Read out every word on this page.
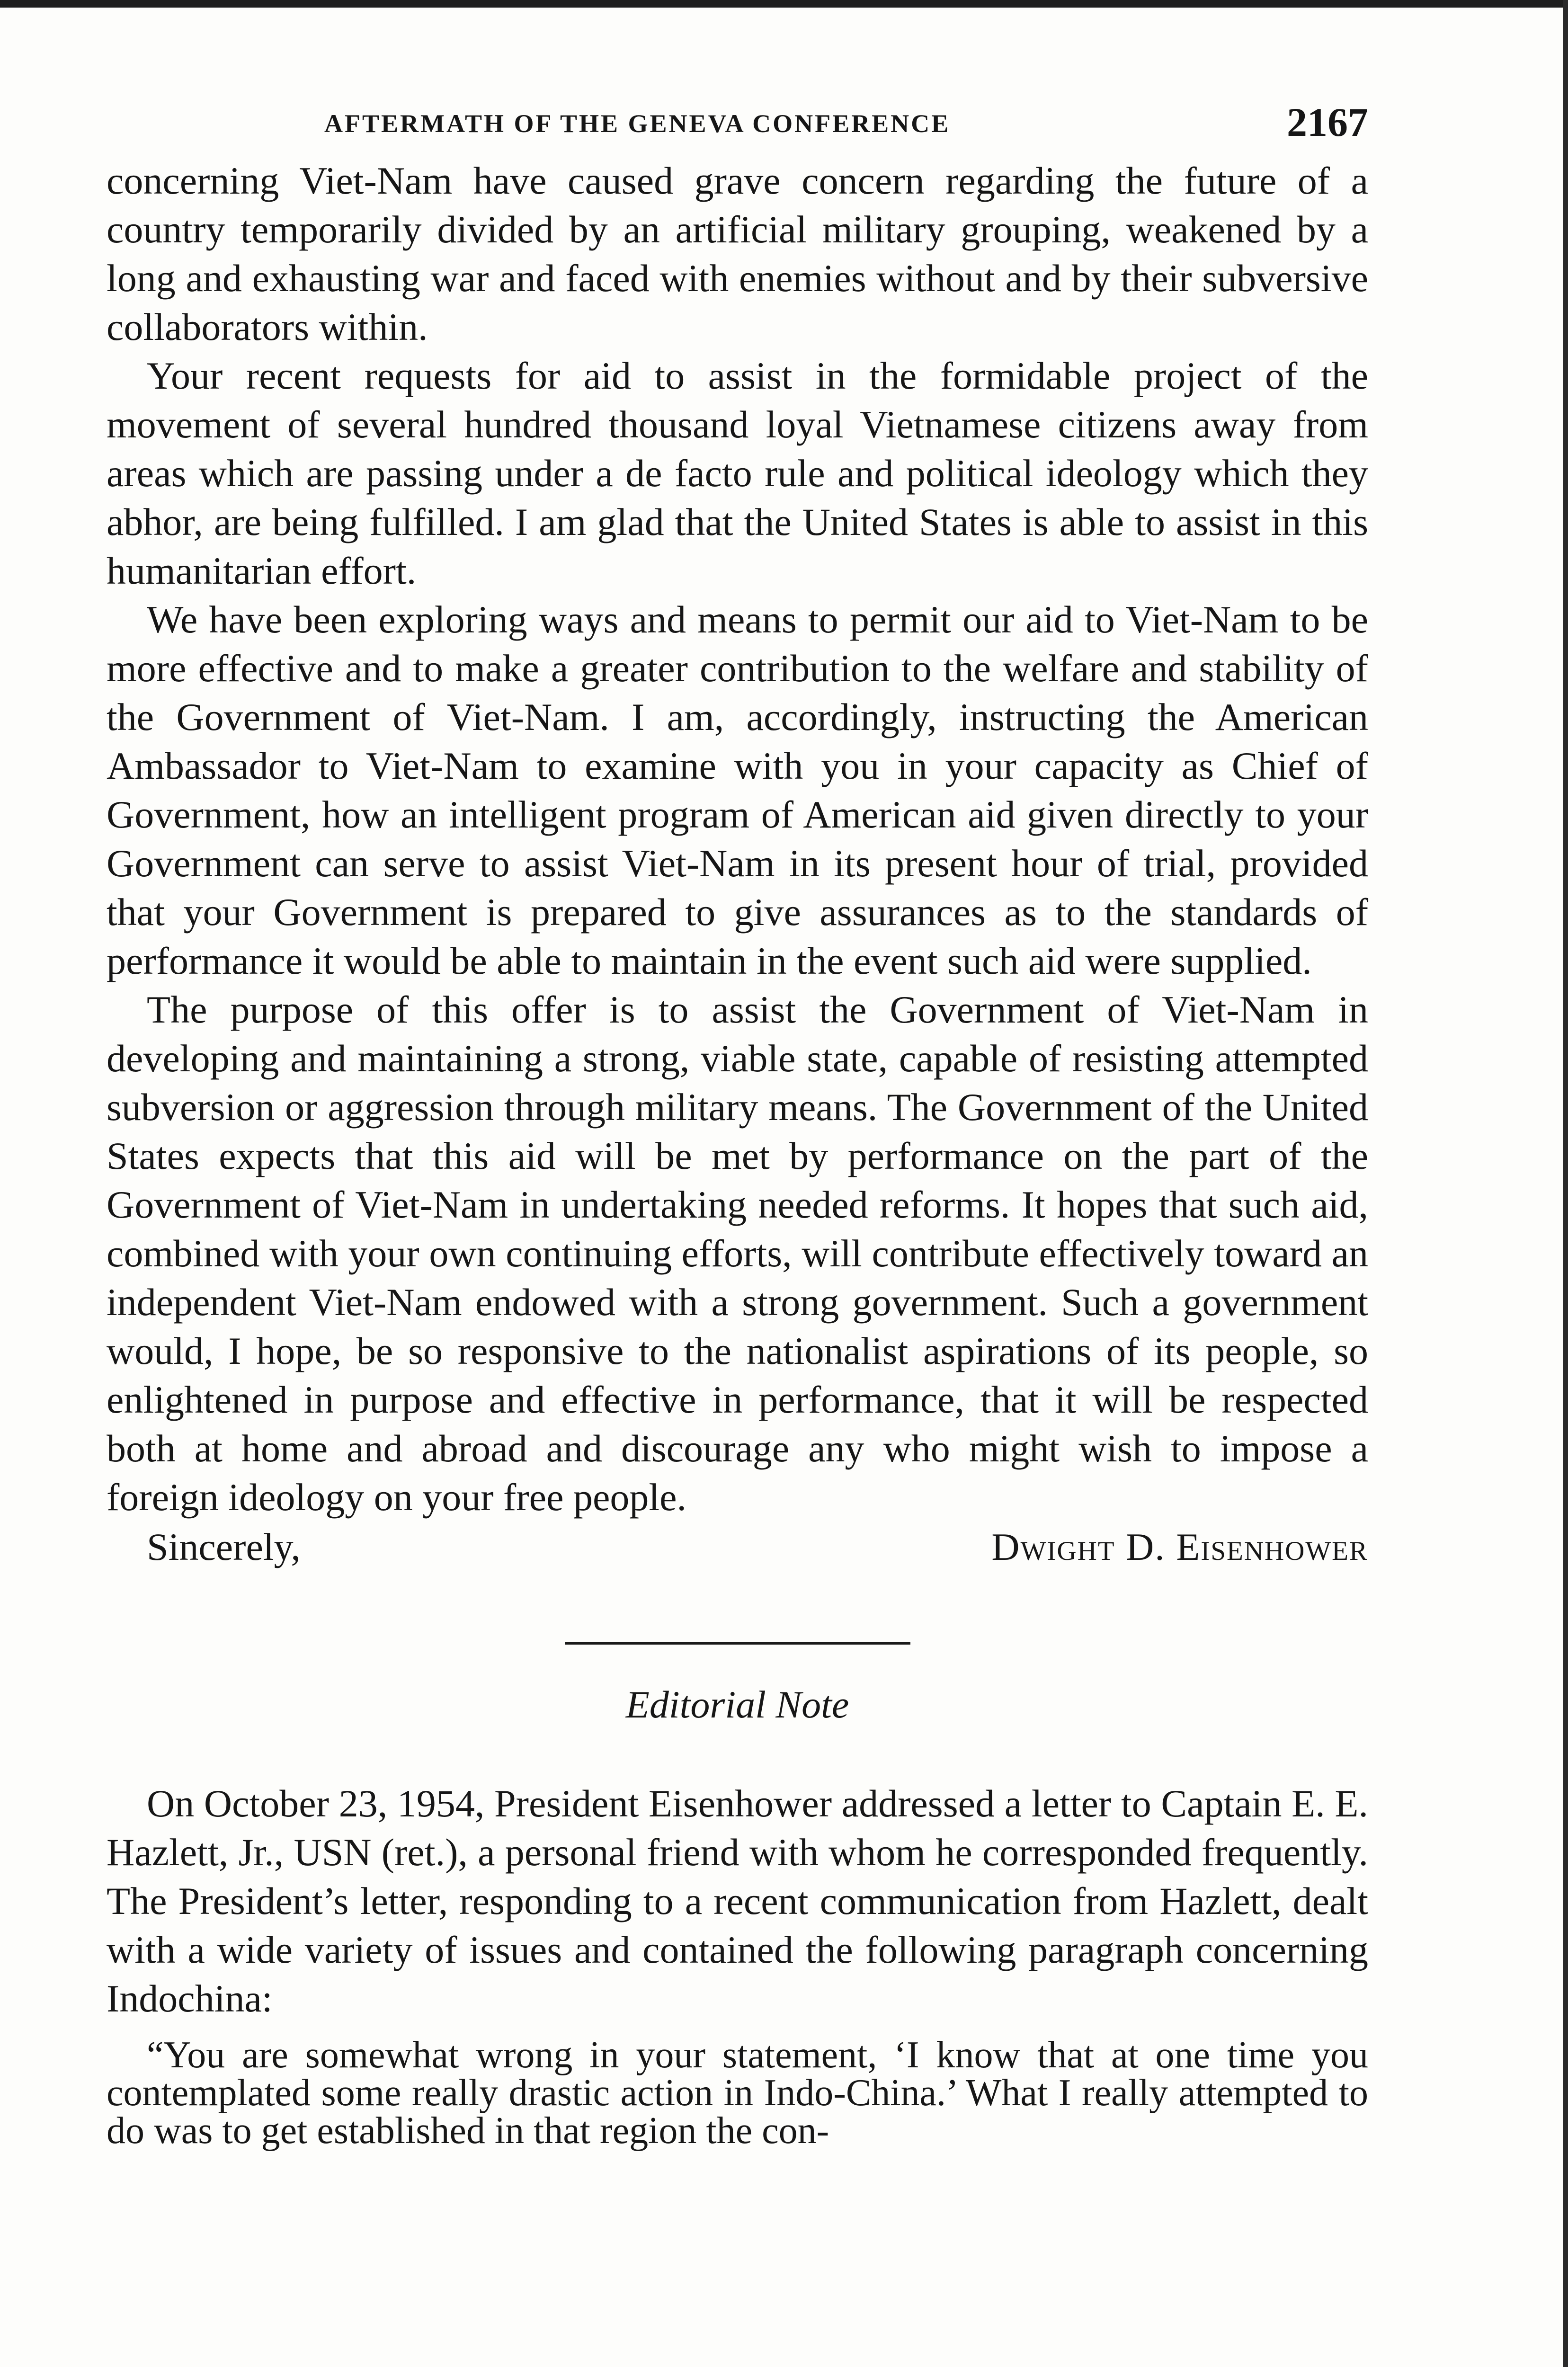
AFTERMATH OF THE GENEVA CONFERENCE	2167

concerning Viet-Nam have caused grave concern regarding the future of a country temporarily divided by an artificial military grouping, weakened by a long and exhausting war and faced with enemies without and by their subversive collaborators within.

Your recent requests for aid to assist in the formidable project of the movement of several hundred thousand loyal Vietnamese citizens away from areas which are passing under a de facto rule and political ideology which they abhor, are being fulfilled. I am glad that the United States is able to assist in this humanitarian effort.

We have been exploring ways and means to permit our aid to Viet-Nam to be more effective and to make a greater contribution to the welfare and stability of the Government of Viet-Nam. I am, accordingly, instructing the American Ambassador to Viet-Nam to examine with you in your capacity as Chief of Government, how an intelligent program of American aid given directly to your Government can serve to assist Viet-Nam in its present hour of trial, provided that your Government is prepared to give assurances as to the standards of performance it would be able to maintain in the event such aid were supplied.

The purpose of this offer is to assist the Government of Viet-Nam in developing and maintaining a strong, viable state, capable of resisting attempted subversion or aggression through military means. The Government of the United States expects that this aid will be met by performance on the part of the Government of Viet-Nam in undertaking needed reforms. It hopes that such aid, combined with your own continuing efforts, will contribute effectively toward an independent Viet-Nam endowed with a strong government. Such a government would, I hope, be so responsive to the nationalist aspirations of its people, so enlightened in purpose and effective in performance, that it will be respected both at home and abroad and discourage any who might wish to impose a foreign ideology on your free people.

Sincerely,	Dwight D. Eisenhower
Editorial Note

On October 23, 1954, President Eisenhower addressed a letter to Captain E. E. Hazlett, Jr., USN (ret.), a personal friend with whom he corresponded frequently. The President’s letter, responding to a recent communication from Hazlett, dealt with a wide variety of issues and contained the following paragraph concerning Indochina:

“You are somewhat wrong in your statement, ‘I know that at one time you contemplated some really drastic action in Indo-China.’ What I really attempted to do was to get established in that region the con-
